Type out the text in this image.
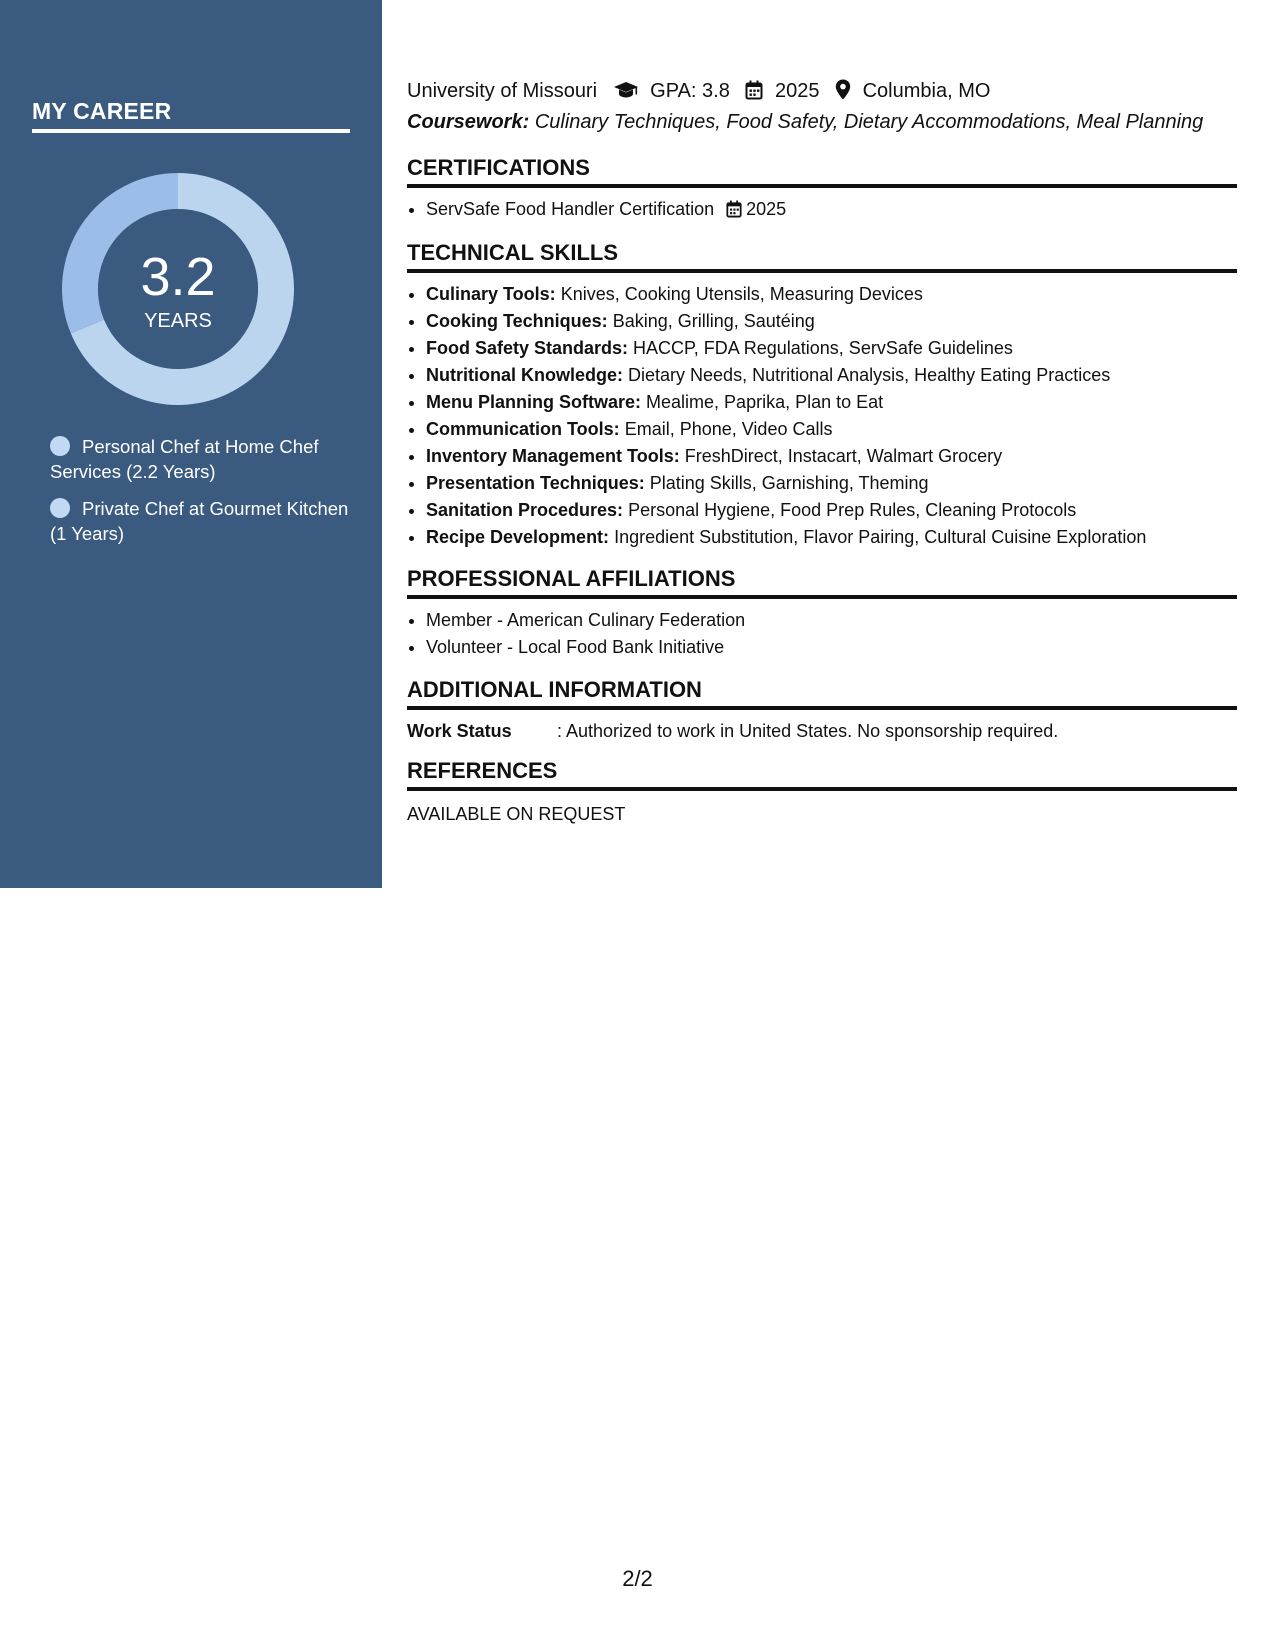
MY CAREER
3.2
YEARS
Personal Chef at Home Chef Services (2.2 Years)
Private Chef at Gourmet Kitchen (1 Years)
University of Missouri	GPA: 3.8 2025 Columbia, MO
Coursework: Culinary Techniques, Food Safety, Dietary Accommodations, Meal Planning
CERTIFICATIONS
• ServSafe Food Handler Certification 2025
TECHNICAL SKILLS
• Culinary Tools: Knives, Cooking Utensils, Measuring Devices
• Cooking Techniques: Baking, Grilling, Sautéing
• Food Safety Standards: HACCP, FDA Regulations, ServSafe Guidelines
• Nutritional Knowledge: Dietary Needs, Nutritional Analysis, Healthy Eating Practices
• Menu Planning Software: Mealime, Paprika, Plan to Eat
• Communication Tools: Email, Phone, Video Calls
• Inventory Management Tools: FreshDirect, Instacart, Walmart Grocery
• Presentation Techniques: Plating Skills, Garnishing, Theming
• Sanitation Procedures: Personal Hygiene, Food Prep Rules, Cleaning Protocols
• Recipe Development: Ingredient Substitution, Flavor Pairing, Cultural Cuisine Exploration
PROFESSIONAL AFFILIATIONS
• Member - American Culinary Federation
• Volunteer - Local Food Bank Initiative
ADDITIONAL INFORMATION
Work Status	: Authorized to work in United States. No sponsorship required.
REFERENCES
AVAILABLE ON REQUEST
2/2
